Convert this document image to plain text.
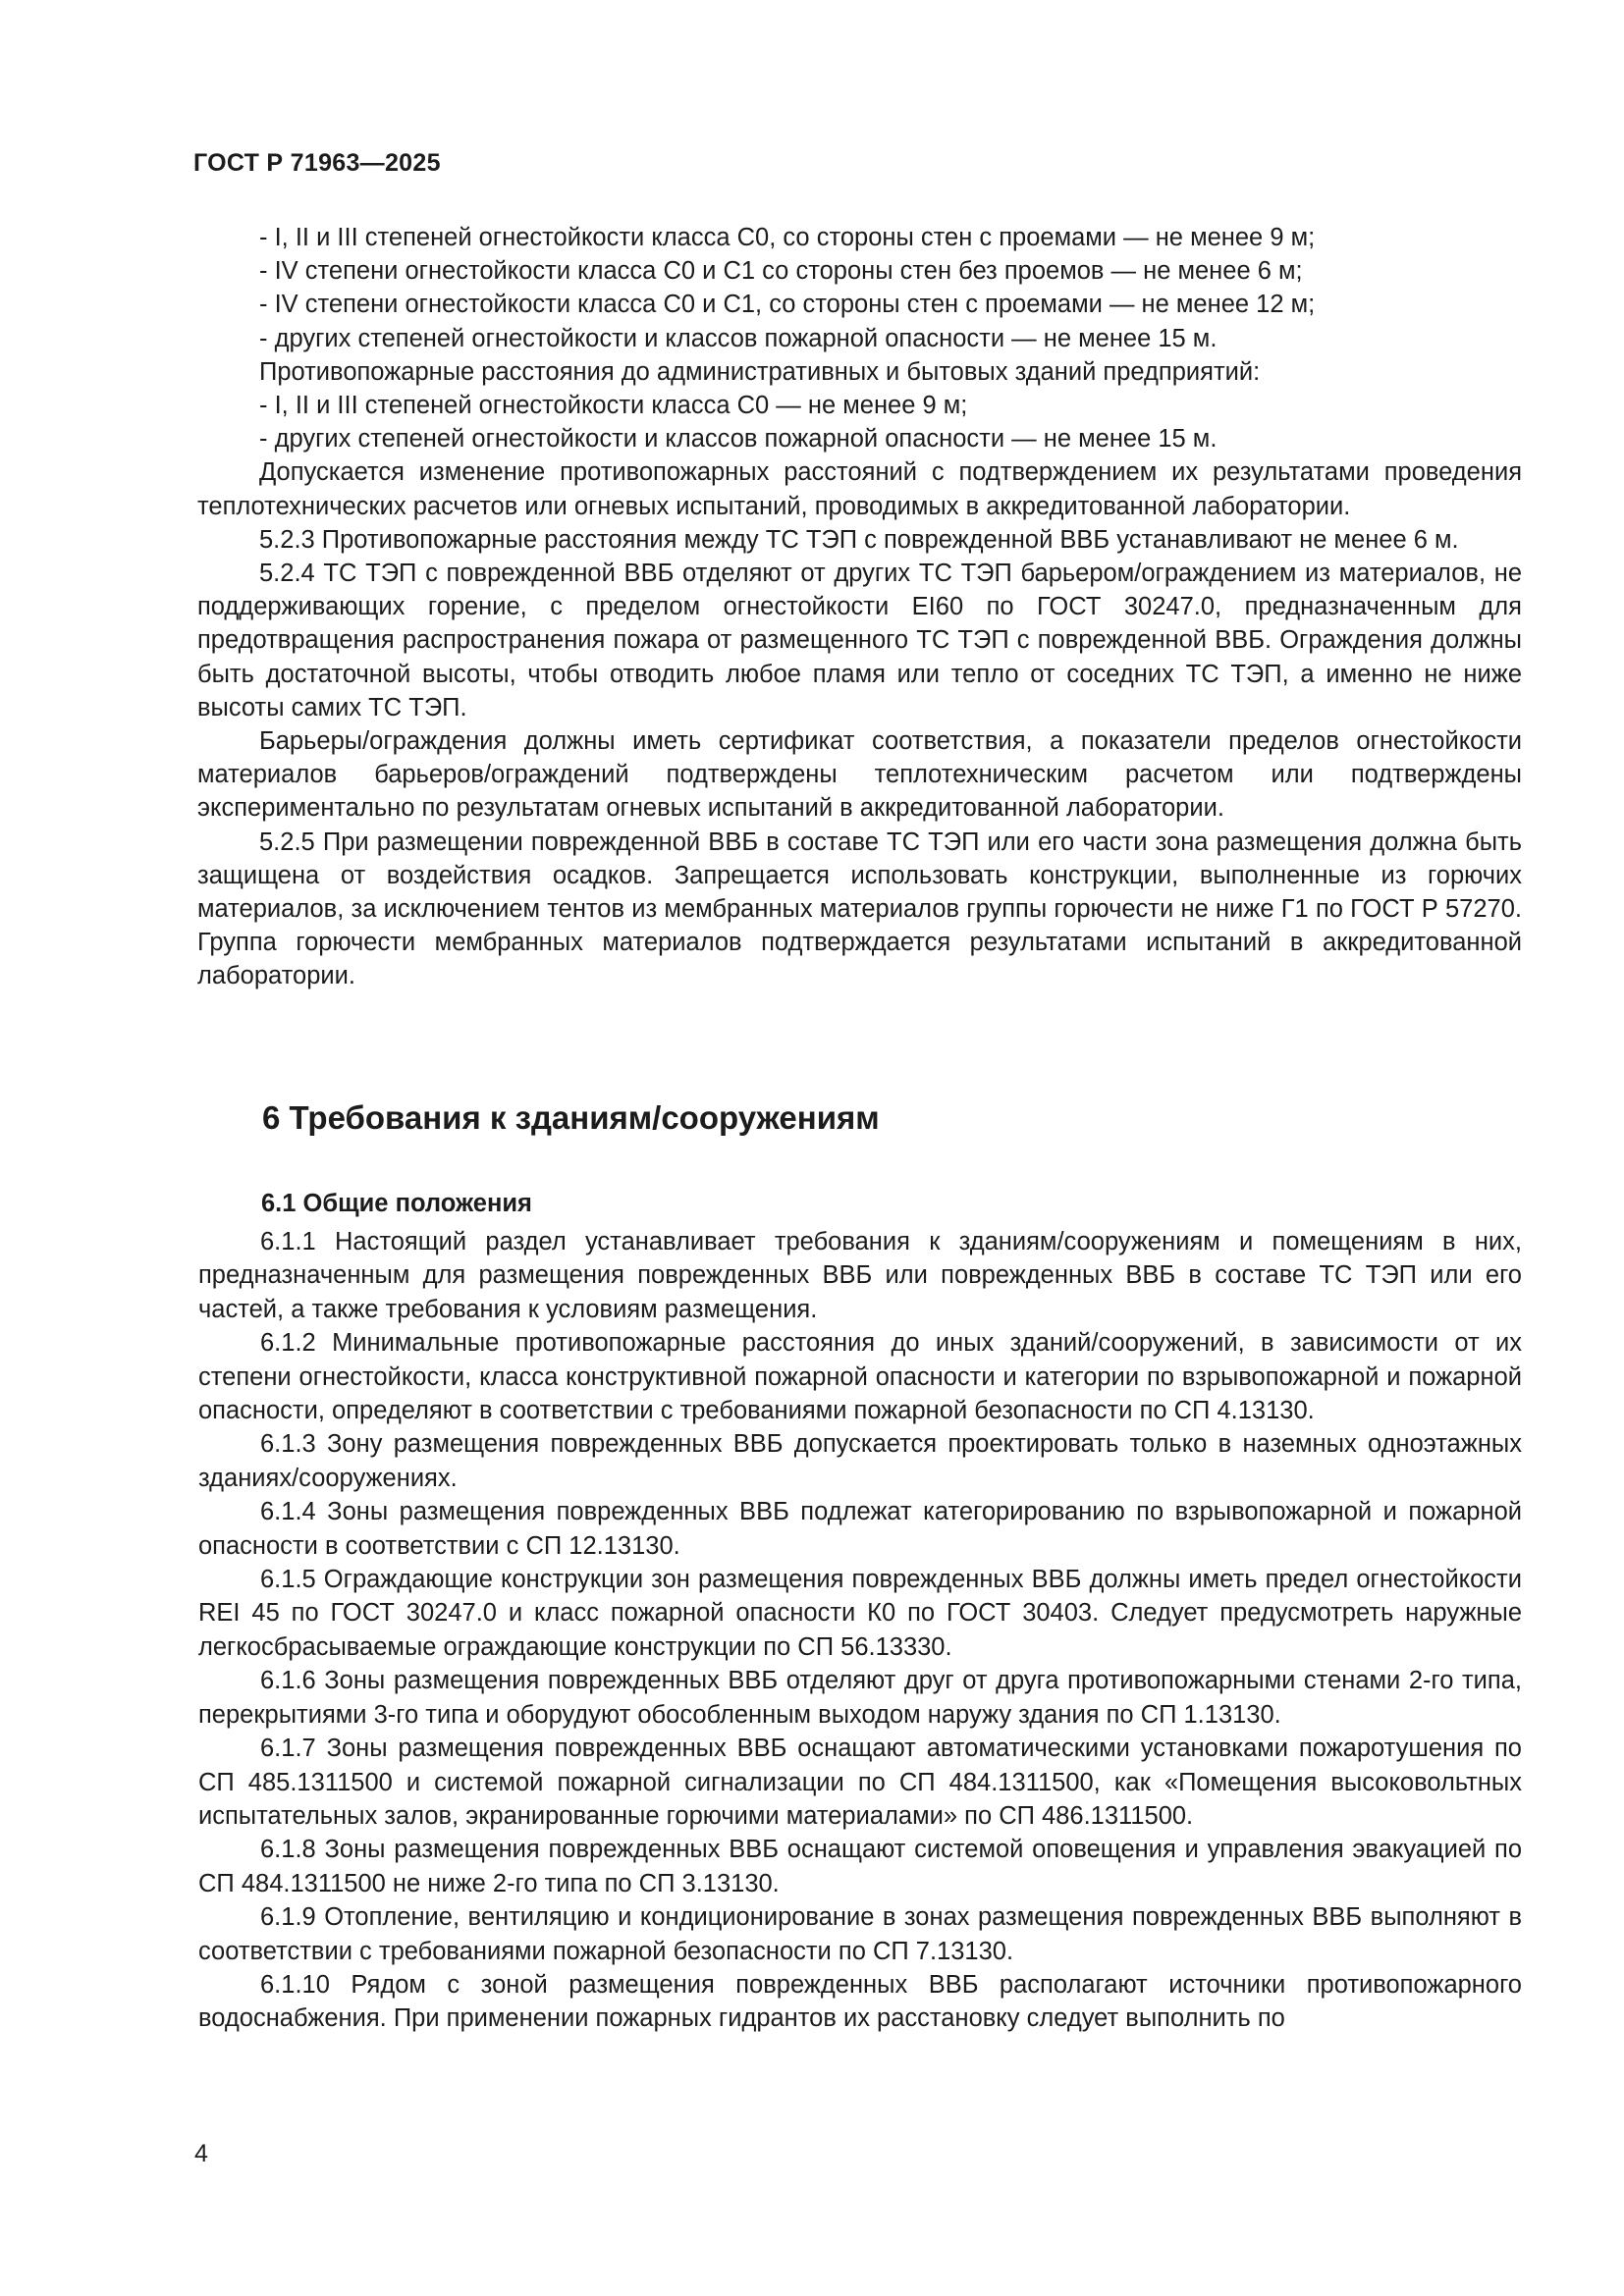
ГОСТ Р 71963—2025

- I, II и III степеней огнестойкости класса С0, со стороны стен с проемами — не менее 9 м;

- IV степени огнестойкости класса С0 и С1 со стороны стен без проемов — не менее 6 м;

- IV степени огнестойкости класса С0 и С1, со стороны стен с проемами — не менее 12 м;

- других степеней огнестойкости и классов пожарной опасности — не менее 15 м.

Противопожарные расстояния до административных и бытовых зданий предприятий:

- I, II и III степеней огнестойкости класса С0 — не менее 9 м;

- других степеней огнестойкости и классов пожарной опасности — не менее 15 м.

Допускается изменение противопожарных расстояний с подтверждением их результатами проведения теплотехнических расчетов или огневых испытаний, проводимых в аккредитованной лаборатории.

5.2.3 Противопожарные расстояния между ТС ТЭП с поврежденной ВВБ устанавливают не менее 6 м.

5.2.4 ТС ТЭП с поврежденной ВВБ отделяют от других ТС ТЭП барьером/ограждением из материалов, не поддерживающих горение, с пределом огнестойкости EI60 по ГОСТ 30247.0, предназначенным для предотвращения распространения пожара от размещенного ТС ТЭП с поврежденной ВВБ. Ограждения должны быть достаточной высоты, чтобы отводить любое пламя или тепло от соседних ТС ТЭП, а именно не ниже высоты самих ТС ТЭП.

Барьеры/ограждения должны иметь сертификат соответствия, а показатели пределов огнестойкости материалов барьеров/ограждений подтверждены теплотехническим расчетом или подтверждены экспериментально по результатам огневых испытаний в аккредитованной лаборатории.

5.2.5 При размещении поврежденной ВВБ в составе ТС ТЭП или его части зона размещения должна быть защищена от воздействия осадков. Запрещается использовать конструкции, выполненные из горючих материалов, за исключением тентов из мембранных материалов группы горючести не ниже Г1 по ГОСТ Р 57270. Группа горючести мембранных материалов подтверждается результатами испытаний в аккредитованной лаборатории.

6 Требования к зданиям/сооружениям
6.1 Общие положения

6.1.1 Настоящий раздел устанавливает требования к зданиям/сооружениям и помещениям в них, предназначенным для размещения поврежденных ВВБ или поврежденных ВВБ в составе ТС ТЭП или его частей, а также требования к условиям размещения.

6.1.2 Минимальные противопожарные расстояния до иных зданий/сооружений, в зависимости от их степени огнестойкости, класса конструктивной пожарной опасности и категории по взрывопожарной и пожарной опасности, определяют в соответствии с требованиями пожарной безопасности по СП 4.13130.

6.1.3 Зону размещения поврежденных ВВБ допускается проектировать только в наземных одноэтажных зданиях/сооружениях.

6.1.4 Зоны размещения поврежденных ВВБ подлежат категорированию по взрывопожарной и пожарной опасности в соответствии с СП 12.13130.

6.1.5 Ограждающие конструкции зон размещения поврежденных ВВБ должны иметь предел огнестойкости REI 45 по ГОСТ 30247.0 и класс пожарной опасности К0 по ГОСТ 30403. Следует предусмотреть наружные легкосбрасываемые ограждающие конструкции по СП 56.13330.

6.1.6 Зоны размещения поврежденных ВВБ отделяют друг от друга противопожарными стенами 2-го типа, перекрытиями 3-го типа и оборудуют обособленным выходом наружу здания по СП 1.13130.

6.1.7 Зоны размещения поврежденных ВВБ оснащают автоматическими установками пожаротушения по СП 485.1311500 и системой пожарной сигнализации по СП 484.1311500, как «Помещения высоковольтных испытательных залов, экранированные горючими материалами» по СП 486.1311500.

6.1.8 Зоны размещения поврежденных ВВБ оснащают системой оповещения и управления эвакуацией по СП 484.1311500 не ниже 2-го типа по СП 3.13130.

6.1.9 Отопление, вентиляцию и кондиционирование в зонах размещения поврежденных ВВБ выполняют в соответствии с требованиями пожарной безопасности по СП 7.13130.

6.1.10 Рядом с зоной размещения поврежденных ВВБ располагают источники противопожарного водоснабжения. При применении пожарных гидрантов их расстановку следует выполнить по

4
